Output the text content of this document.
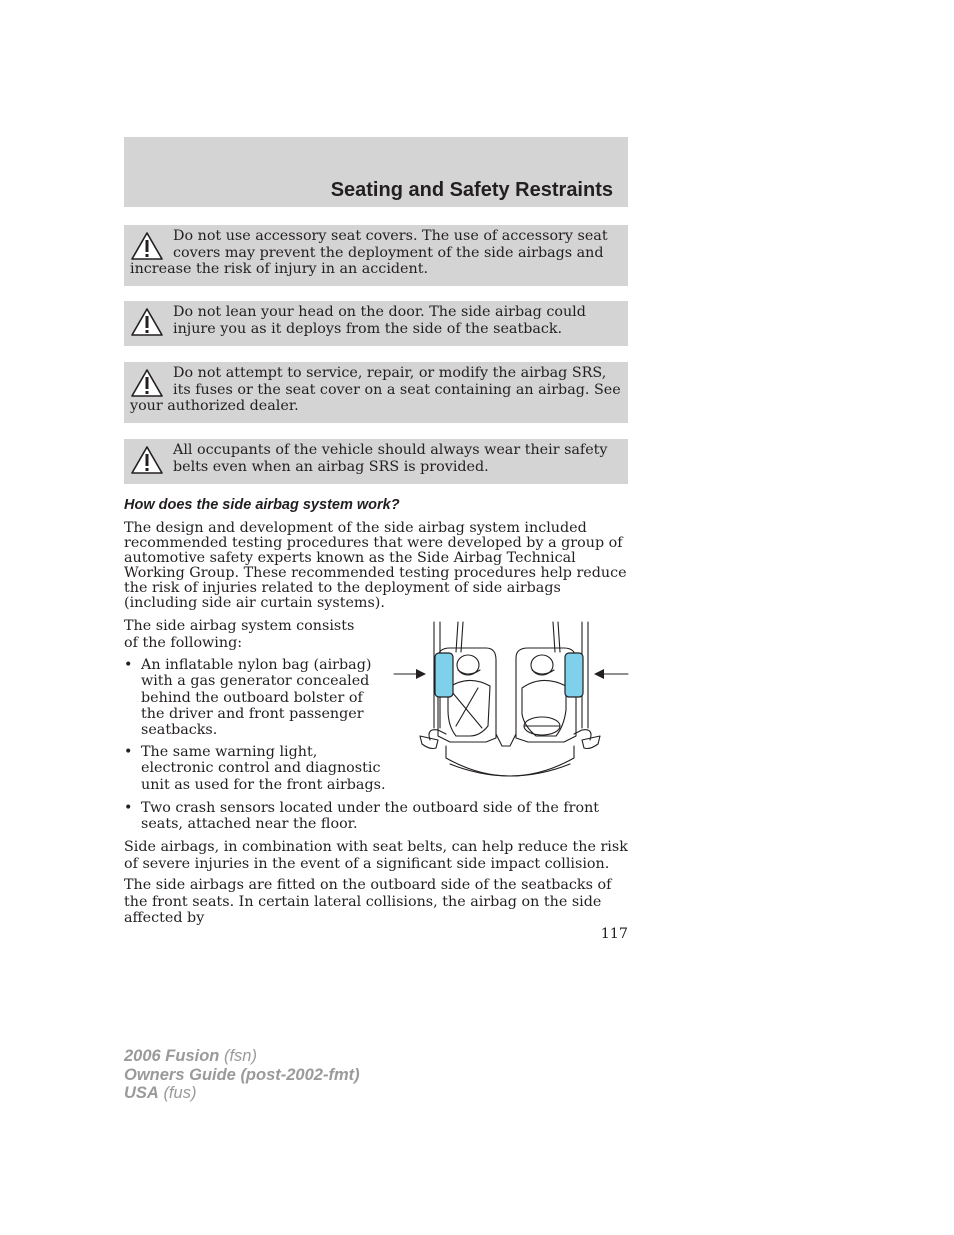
Seating and Safety Restraints
Do not use accessory seat covers. The use of accessory seat covers may prevent the deployment of the side airbags and increase the risk of injury in an accident.
Do not lean your head on the door. The side airbag could injure you as it deploys from the side of the seatback.
Do not attempt to service, repair, or modify the airbag SRS, its fuses or the seat cover on a seat containing an airbag. See your authorized dealer.
All occupants of the vehicle should always wear their safety belts even when an airbag SRS is provided.
How does the side airbag system work?

The design and development of the side airbag system included recommended testing procedures that were developed by a group of automotive safety experts known as the Side Airbag Technical Working Group. These recommended testing procedures help reduce the risk of injuries related to the deployment of side airbags (including side air curtain systems).

The side airbag system consists of the following:

• An inflatable nylon bag (airbag) with a gas generator concealed behind the outboard bolster of the driver and front passenger seatbacks.
• The same warning light, electronic control and diagnostic unit as used for the front airbags.
• Two crash sensors located under the outboard side of the front seats, attached near the floor.

Side airbags, in combination with seat belts, can help reduce the risk of severe injuries in the event of a significant side impact collision.

The side airbags are fitted on the outboard side of the seatbacks of the front seats. In certain lateral collisions, the airbag on the side affected by

117
2006 Fusion (fsn)
Owners Guide (post-2002-fmt)
USA (fus)
